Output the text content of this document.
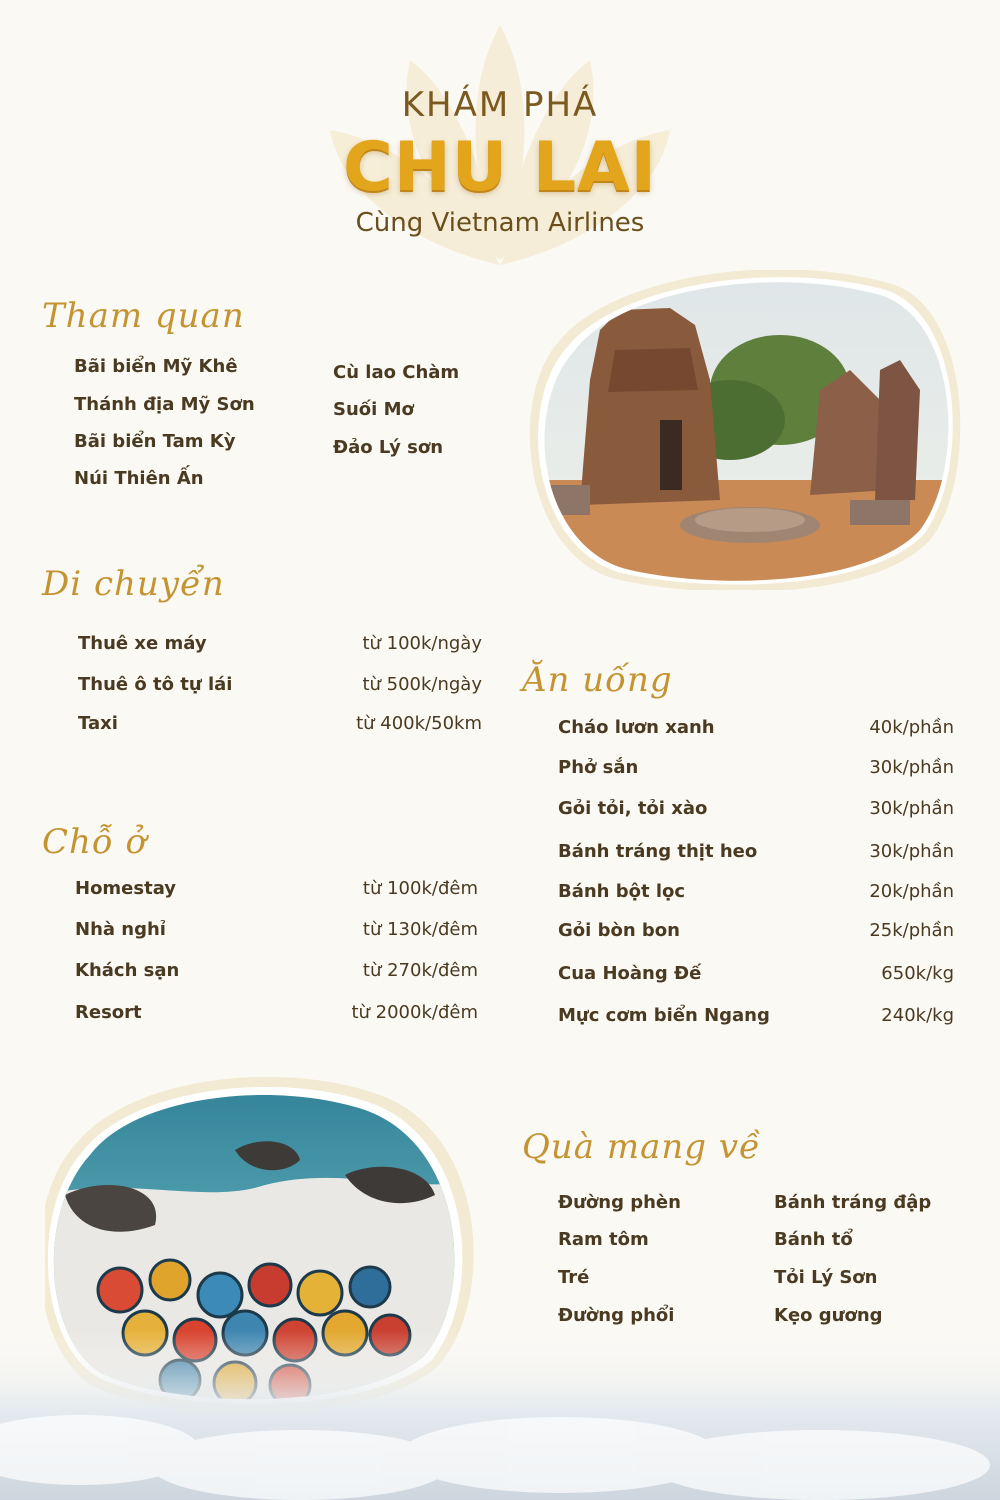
KHÁM PHÁ
CHU LAI
Cùng Vietnam Airlines
Tham quan
Bãi biển Mỹ Khê
Thánh địa Mỹ Sơn
Bãi biển Tam Kỳ
Núi Thiên Ấn
Cù lao Chàm
Suối Mơ
Đảo Lý sơn
Di chuyển
Thuê xe máy	từ 100k/ngày
Thuê ô tô tự lái	từ 500k/ngày
Taxi	từ 400k/50km
Chỗ ở
Homestay	từ 100k/đêm
Nhà nghỉ	từ 130k/đêm
Khách sạn	từ 270k/đêm
Resort	từ 2000k/đêm
Ăn uống
Cháo lươn xanh	40k/phần
Phở sắn	30k/phần
Gỏi tỏi, tỏi xào	30k/phần
Bánh tráng thịt heo	30k/phần
Bánh bột lọc	20k/phần
Gỏi bòn bon	25k/phần
Cua Hoàng Đế	650k/kg
Mực cơm biển Ngang	240k/kg
Quà mang về
Đường phèn
Ram tôm
Tré
Đường phổi
Bánh tráng đập
Bánh tổ
Tỏi Lý Sơn
Kẹo gương
